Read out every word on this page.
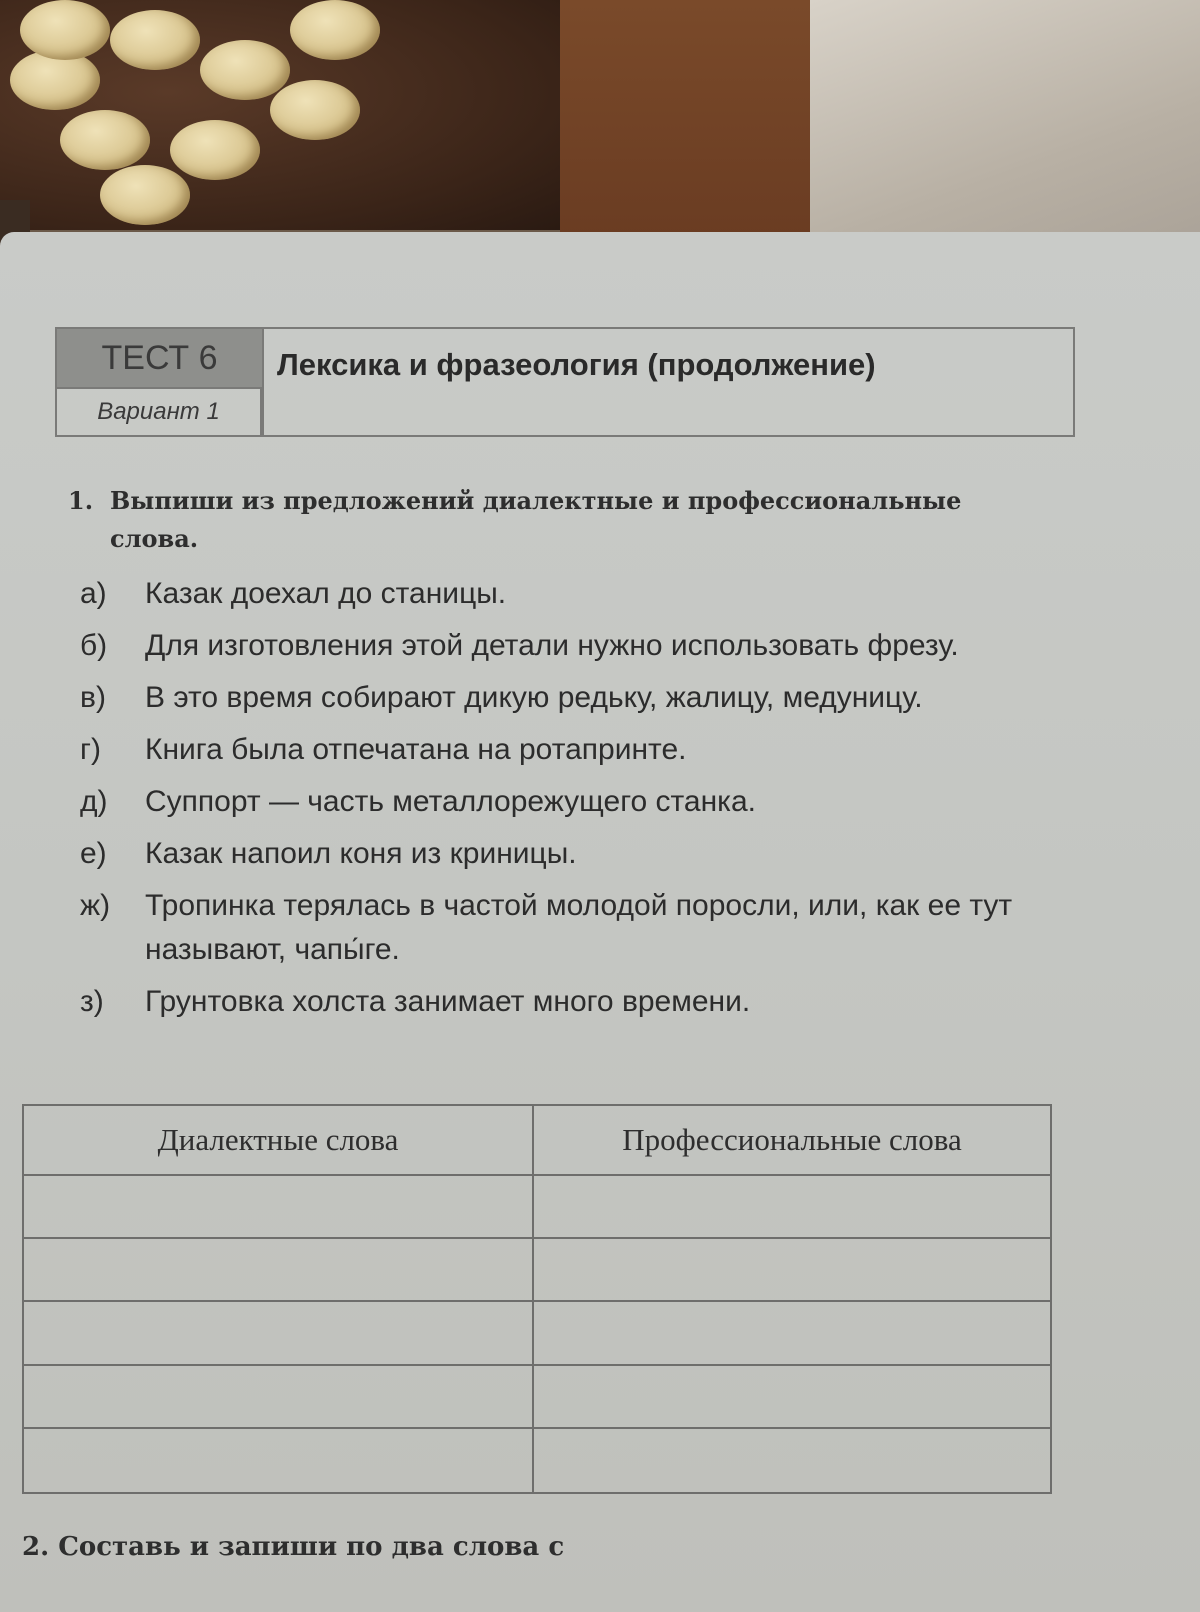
ТЕСТ 6
Вариант 1
Лексика и фразеология (продолжение)
1. Выпиши из предложений диалектные и профессиональные слова.
а) Казак доехал до станицы.
б) Для изготовления этой детали нужно использовать фрезу.
в) В это время собирают дикую редьку, жалицу, медуницу.
г) Книга была отпечатана на ротапринте.
д) Суппорт — часть металлорежущего станка.
е) Казак напоил коня из криницы.
ж) Тропинка терялась в частой молодой поросли, или, как ее тут называют, чапы́ге.
з) Грунтовка холста занимает много времени.
Диалектные слова	Профессиональные слова
2. Составь и запиши по два слова с
